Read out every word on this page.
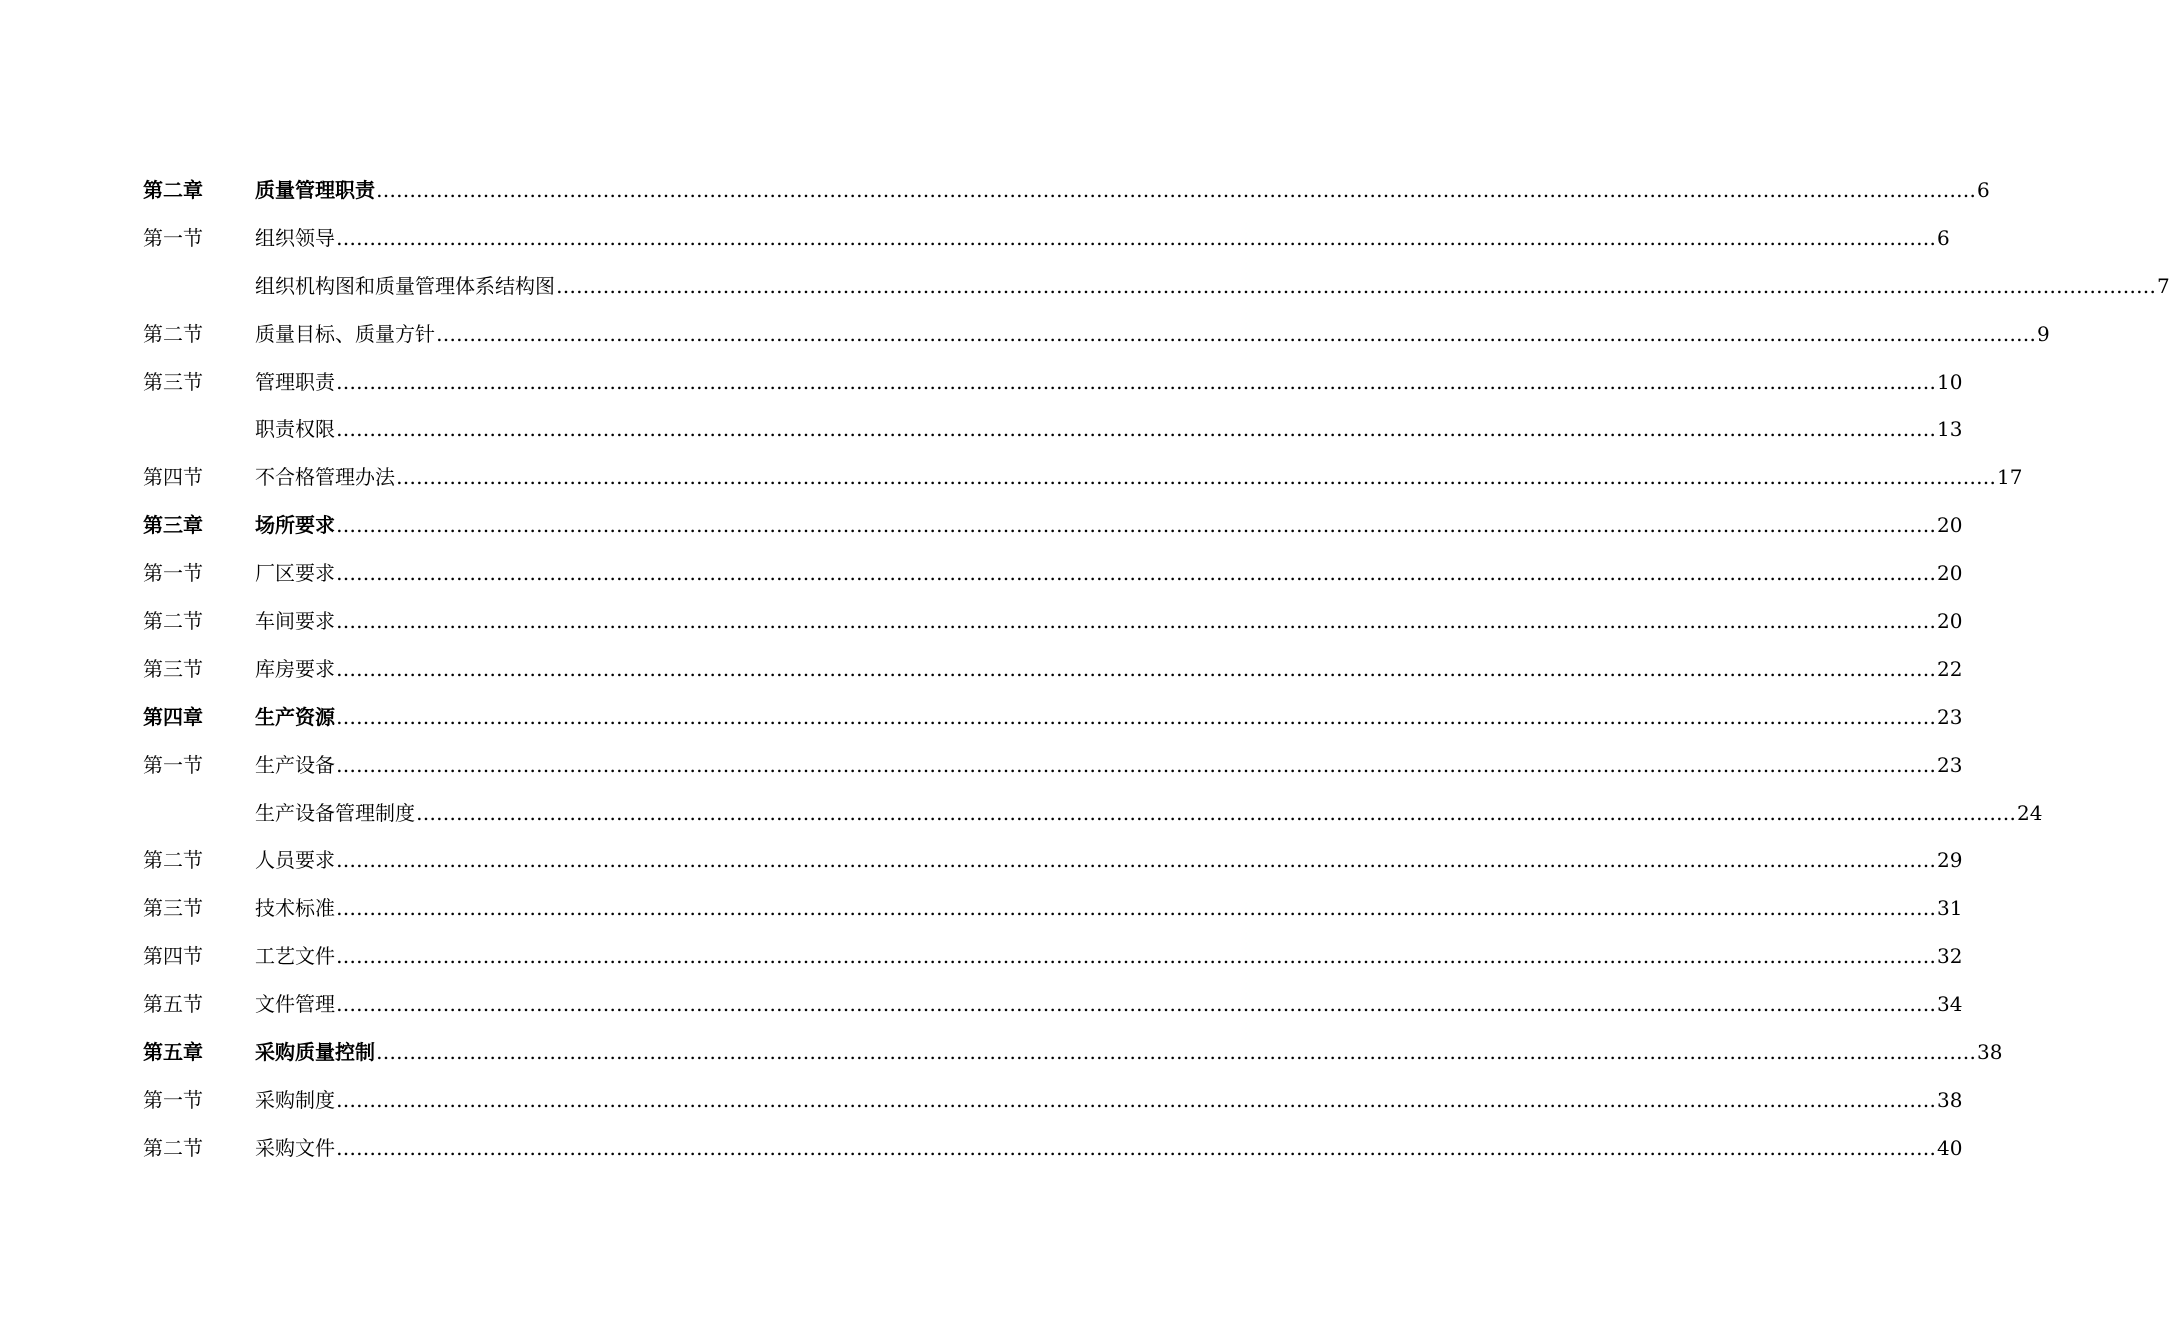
第二章	质量管理职责 …………………………………………………………………………………………………………………………………………………………………………………………………………………… 6
第一节	组织领导 …………………………………………………………………………………………………………………………………………………………………………………………………………………… 6
组织机构图和质量管理体系结构图 …………………………………………………………………………………………………………………………………………………………………………………………………………………… 7
第二节	质量目标、质量方针 …………………………………………………………………………………………………………………………………………………………………………………………………………………… 9
第三节	管理职责 …………………………………………………………………………………………………………………………………………………………………………………………………………………… 10
职责权限 …………………………………………………………………………………………………………………………………………………………………………………………………………………… 13
第四节	不合格管理办法 …………………………………………………………………………………………………………………………………………………………………………………………………………………… 17
第三章	场所要求 …………………………………………………………………………………………………………………………………………………………………………………………………………………… 20
第一节	厂区要求 …………………………………………………………………………………………………………………………………………………………………………………………………………………… 20
第二节	车间要求 …………………………………………………………………………………………………………………………………………………………………………………………………………………… 20
第三节	库房要求 …………………………………………………………………………………………………………………………………………………………………………………………………………………… 22
第四章	生产资源 …………………………………………………………………………………………………………………………………………………………………………………………………………………… 23
第一节	生产设备 …………………………………………………………………………………………………………………………………………………………………………………………………………………… 23
生产设备管理制度 …………………………………………………………………………………………………………………………………………………………………………………………………………………… 24
第二节	人员要求 …………………………………………………………………………………………………………………………………………………………………………………………………………………… 29
第三节	技术标准 …………………………………………………………………………………………………………………………………………………………………………………………………………………… 31
第四节	工艺文件 …………………………………………………………………………………………………………………………………………………………………………………………………………………… 32
第五节	文件管理 …………………………………………………………………………………………………………………………………………………………………………………………………………………… 34
第五章	采购质量控制 …………………………………………………………………………………………………………………………………………………………………………………………………………………… 38
第一节	采购制度 …………………………………………………………………………………………………………………………………………………………………………………………………………………… 38
第二节	采购文件 …………………………………………………………………………………………………………………………………………………………………………………………………………………… 40
